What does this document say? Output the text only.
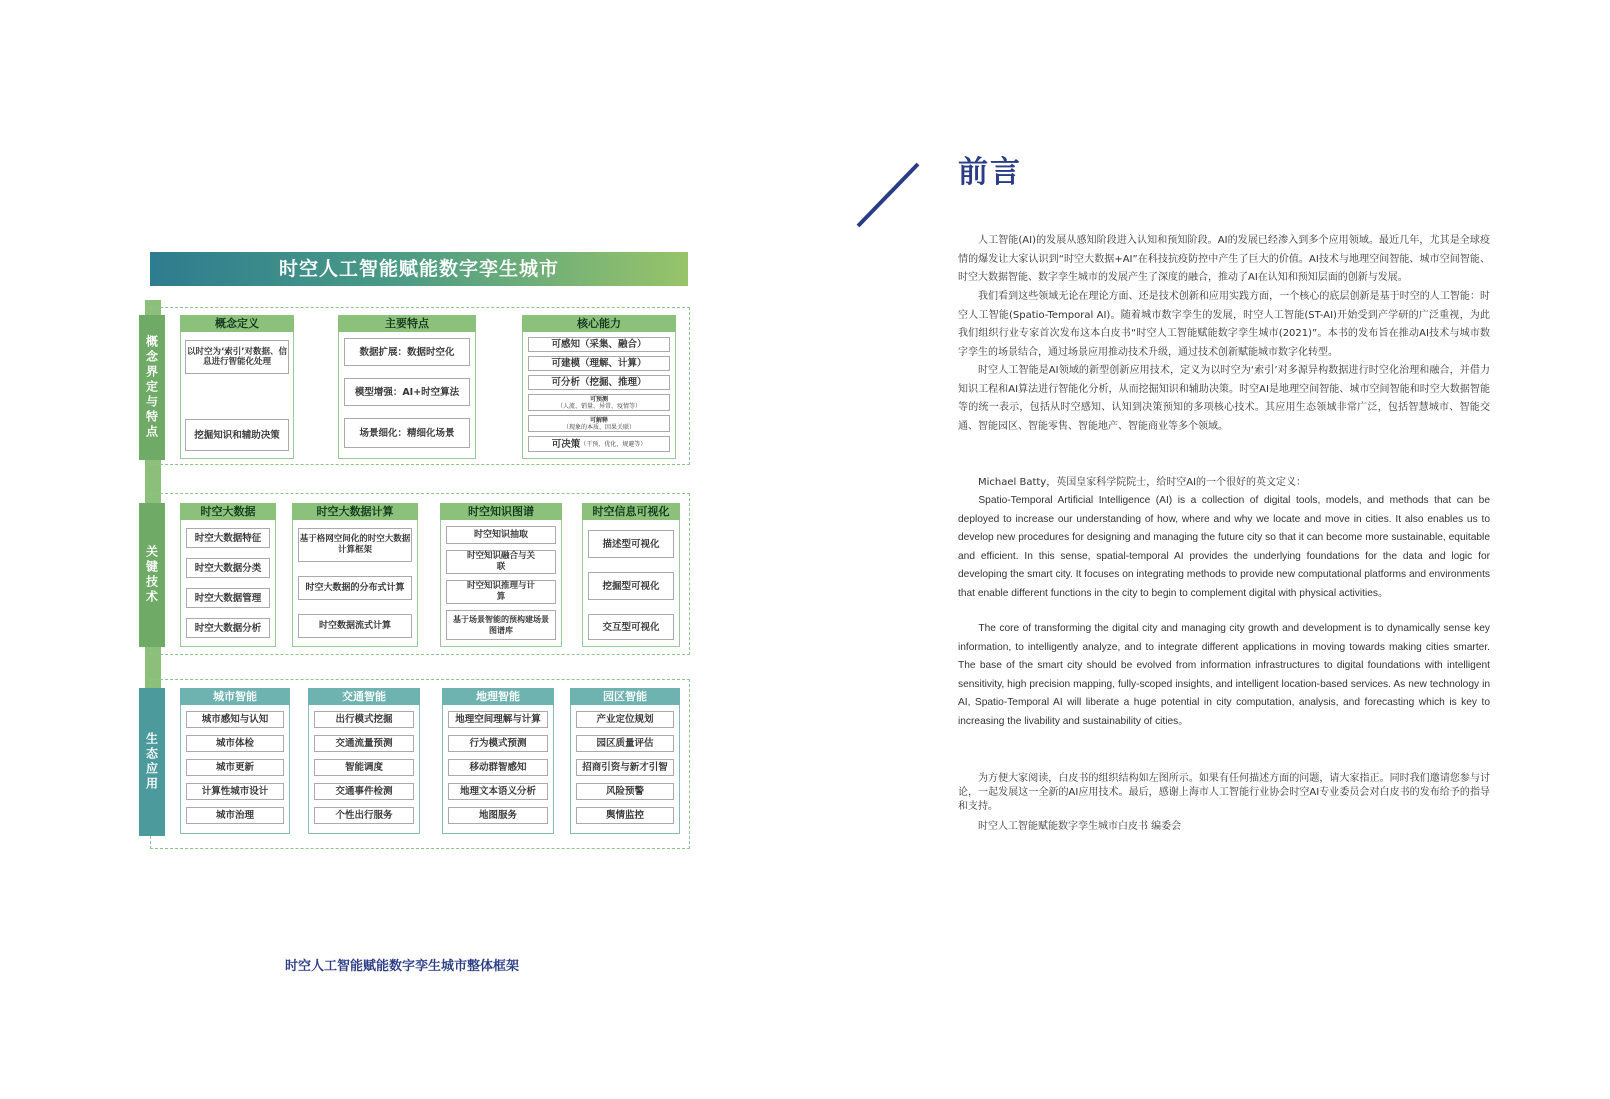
时空人工智能赋能数字孪生城市
概念界定与特点
概念定义
以时空为‘索引’对数据、信息进行智能化处理
挖掘知识和辅助决策
主要特点
数据扩展：数据时空化
模型增强：AI+时空算法
场景细化：精细化场景
核心能力
可感知（采集、融合）
可建模（理解、计算）
可分析（挖掘、推理）
可预测
（人流、销量、异常、疫情等）
可解释
（现象的本质、因果关联）
可决策 （干预、优化、规避等）
关键技术
时空大数据
时空大数据特征
时空大数据分类
时空大数据管理
时空大数据分析
时空大数据计算
基于格网空间化的时空大数据计算框架
时空大数据的分布式计算
时空数据流式计算
时空知识图谱
时空知识抽取
时空知识融合与关联
时空知识推理与计算
基于场景智能的预构建场景图谱库
时空信息可视化
描述型可视化
挖掘型可视化
交互型可视化
生态应用
城市智能
城市感知与认知
城市体检
城市更新
计算性城市设计
城市治理
交通智能
出行模式挖掘
交通流量预测
智能调度
交通事件检测
个性出行服务
地理智能
地理空间理解与计算
行为模式预测
移动群智感知
地理文本语义分析
地图服务
园区智能
产业定位规划
园区质量评估
招商引资与新才引智
风险预警
舆情监控
时空人工智能赋能数字孪生城市整体框架
前言
人工智能(AI)的发展从感知阶段进入认知和预知阶段。AI的发展已经渗入到多个应用领域。最近几年，尤其是全球疫情的爆发让大家认识到“时空大数据+AI”在科技抗疫防控中产生了巨大的价值。AI技术与地理空间智能、城市空间智能、时空大数据智能、数字孪生城市的发展产生了深度的融合，推动了AI在认知和预知层面的创新与发展。
我们看到这些领域无论在理论方面、还是技术创新和应用实践方面，一个核心的底层创新是基于时空的人工智能：时空人工智能(Spatio-Temporal AI)。随着城市数字孪生的发展，时空人工智能(ST-AI)开始受到产学研的广泛重视，为此我们组织行业专家首次发布这本白皮书“时空人工智能赋能数字孪生城市(2021)”。本书的发布旨在推动AI技术与城市数字孪生的场景结合，通过场景应用推动技术升级，通过技术创新赋能城市数字化转型。
时空人工智能是AI领域的新型创新应用技术，定义为以时空为‘索引’对多源异构数据进行时空化治理和融合，并借力知识工程和AI算法进行智能化分析，从而挖掘知识和辅助决策。时空AI是地理空间智能、城市空间智能和时空大数据智能等的统一表示，包括从时空感知、认知到决策预知的多项核心技术。其应用生态领域非常广泛，包括智慧城市、智能交通、智能园区、智能零售、智能地产、智能商业等多个领域。
Michael Batty，英国皇家科学院院士，给时空AI的一个很好的英文定义：
Spatio-Temporal Artificial Intelligence (AI) is a collection of digital tools, models, and methods that can be deployed to increase our understanding of how, where and why we locate and move in cities. It also enables us to develop new procedures for designing and managing the future city so that it can become more sustainable, equitable and efficient. In this sense, spatial-temporal AI provides the underlying foundations for the data and logic for developing the smart city. It focuses on integrating methods to provide new computational platforms and environments that enable different functions in the city to begin to complement digital with physical activities。
The core of transforming the digital city and managing city growth and development is to dynamically sense key information, to intelligently analyze, and to integrate different applications in moving towards making cities smarter. The base of the smart city should be evolved from information infrastructures to digital foundations with intelligent sensitivity, high precision mapping, fully-scoped insights, and intelligent location-based services. As new technology in AI, Spatio-Temporal AI will liberate a huge potential in city computation, analysis, and forecasting which is key to increasing the livability and sustainability of cities。
为方便大家阅读，白皮书的组织结构如左图所示。如果有任何描述方面的问题，请大家指正。同时我们邀请您参与讨论，一起发展这一全新的AI应用技术。最后，感谢上海市人工智能行业协会时空AI专业委员会对白皮书的发布给予的指导和支持。
时空人工智能赋能数字孪生城市白皮书 编委会
